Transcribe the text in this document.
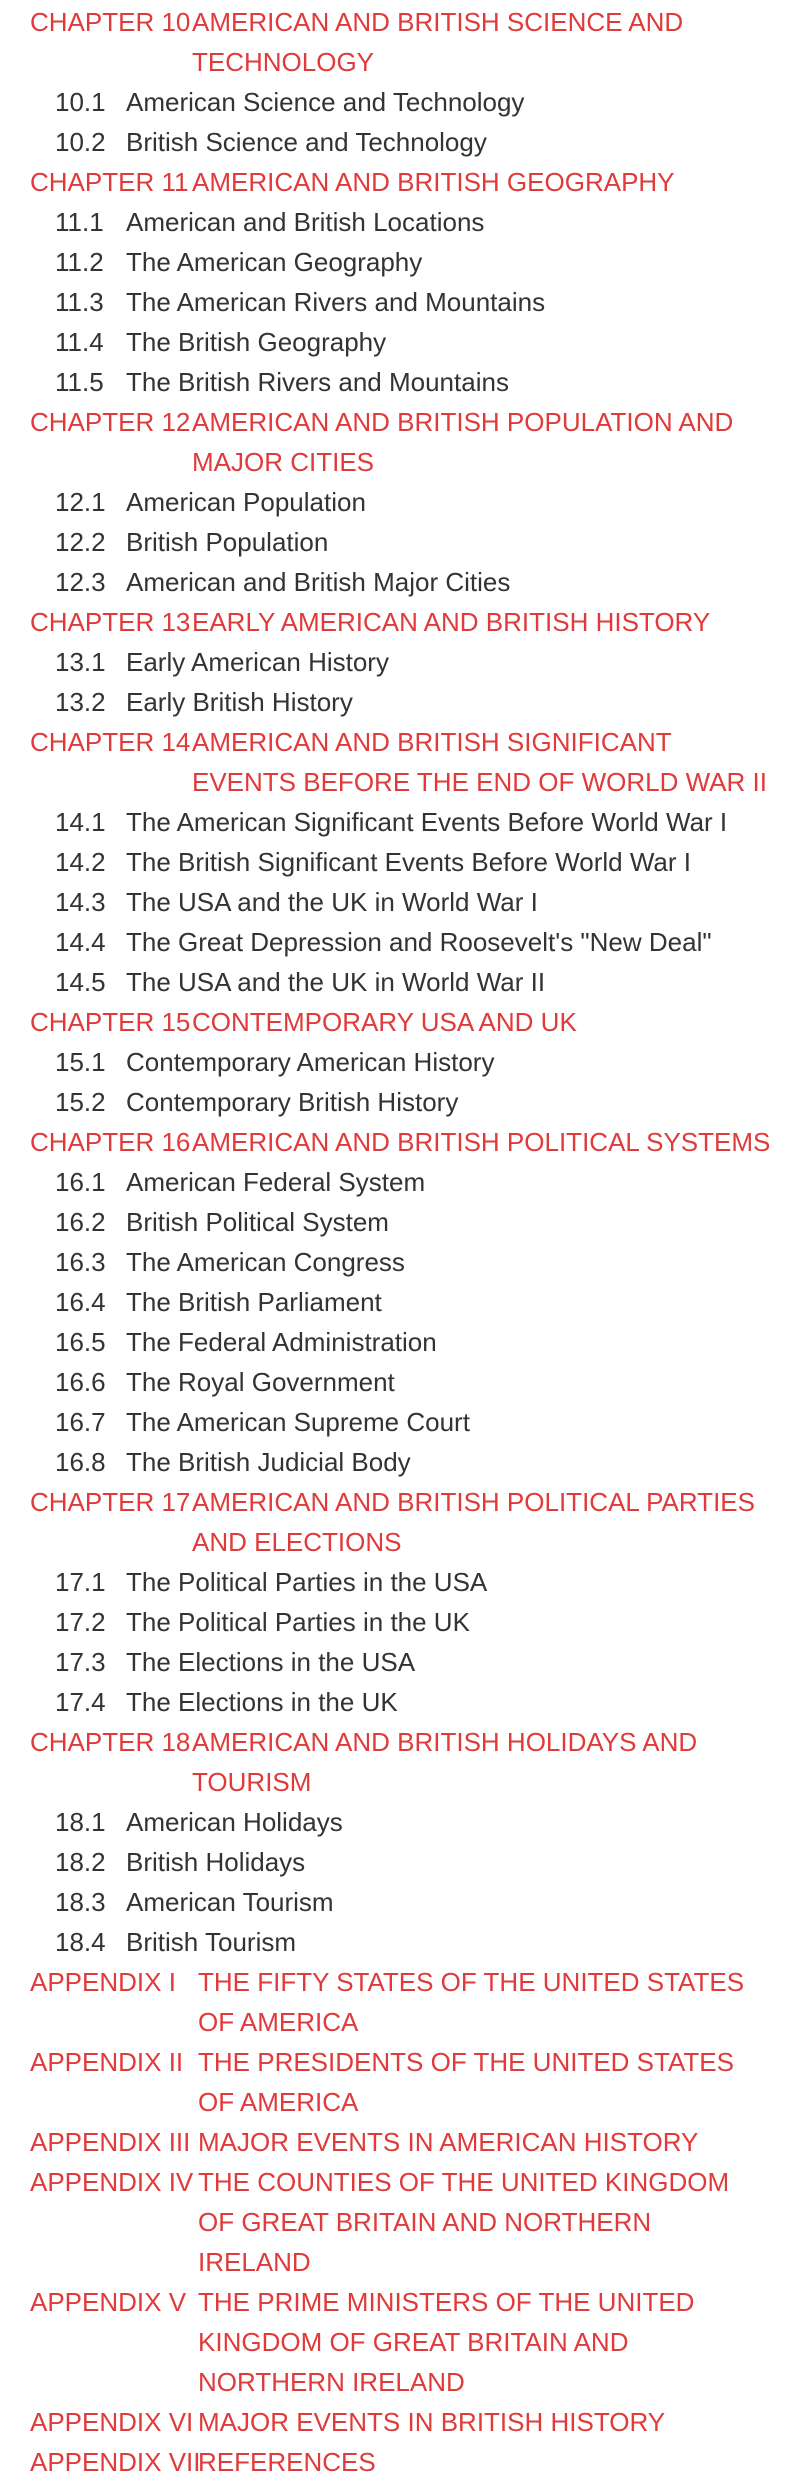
CHAPTER 10 AMERICAN AND BRITISH SCIENCE AND TECHNOLOGY
10.1 American Science and Technology
10.2 British Science and Technology
CHAPTER 11 AMERICAN AND BRITISH GEOGRAPHY
11.1 American and British Locations
11.2 The American Geography
11.3 The American Rivers and Mountains
11.4 The British Geography
11.5 The British Rivers and Mountains
CHAPTER 12 AMERICAN AND BRITISH POPULATION AND MAJOR CITIES
12.1 American Population
12.2 British Population
12.3 American and British Major Cities
CHAPTER 13 EARLY AMERICAN AND BRITISH HISTORY
13.1 Early American History
13.2 Early British History
CHAPTER 14 AMERICAN AND BRITISH SIGNIFICANT EVENTS BEFORE THE END OF WORLD WAR II
14.1 The American Significant Events Before World War I
14.2 The British Significant Events Before World War I
14.3 The USA and the UK in World War I
14.4 The Great Depression and Roosevelt's "New Deal"
14.5 The USA and the UK in World War II
CHAPTER 15 CONTEMPORARY USA AND UK
15.1 Contemporary American History
15.2 Contemporary British History
CHAPTER 16 AMERICAN AND BRITISH POLITICAL SYSTEMS
16.1 American Federal System
16.2 British Political System
16.3 The American Congress
16.4 The British Parliament
16.5 The Federal Administration
16.6 The Royal Government
16.7 The American Supreme Court
16.8 The British Judicial Body
CHAPTER 17 AMERICAN AND BRITISH POLITICAL PARTIES AND ELECTIONS
17.1 The Political Parties in the USA
17.2 The Political Parties in the UK
17.3 The Elections in the USA
17.4 The Elections in the UK
CHAPTER 18 AMERICAN AND BRITISH HOLIDAYS AND TOURISM
18.1 American Holidays
18.2 British Holidays
18.3 American Tourism
18.4 British Tourism
APPENDIX I THE FIFTY STATES OF THE UNITED STATES OF AMERICA
APPENDIX II THE PRESIDENTS OF THE UNITED STATES OF AMERICA
APPENDIX III MAJOR EVENTS IN AMERICAN HISTORY
APPENDIX IV THE COUNTIES OF THE UNITED KINGDOM OF GREAT BRITAIN AND NORTHERN IRELAND
APPENDIX V THE PRIME MINISTERS OF THE UNITED KINGDOM OF GREAT BRITAIN AND NORTHERN IRELAND
APPENDIX VI MAJOR EVENTS IN BRITISH HISTORY
APPENDIX VII
REFERENCES
